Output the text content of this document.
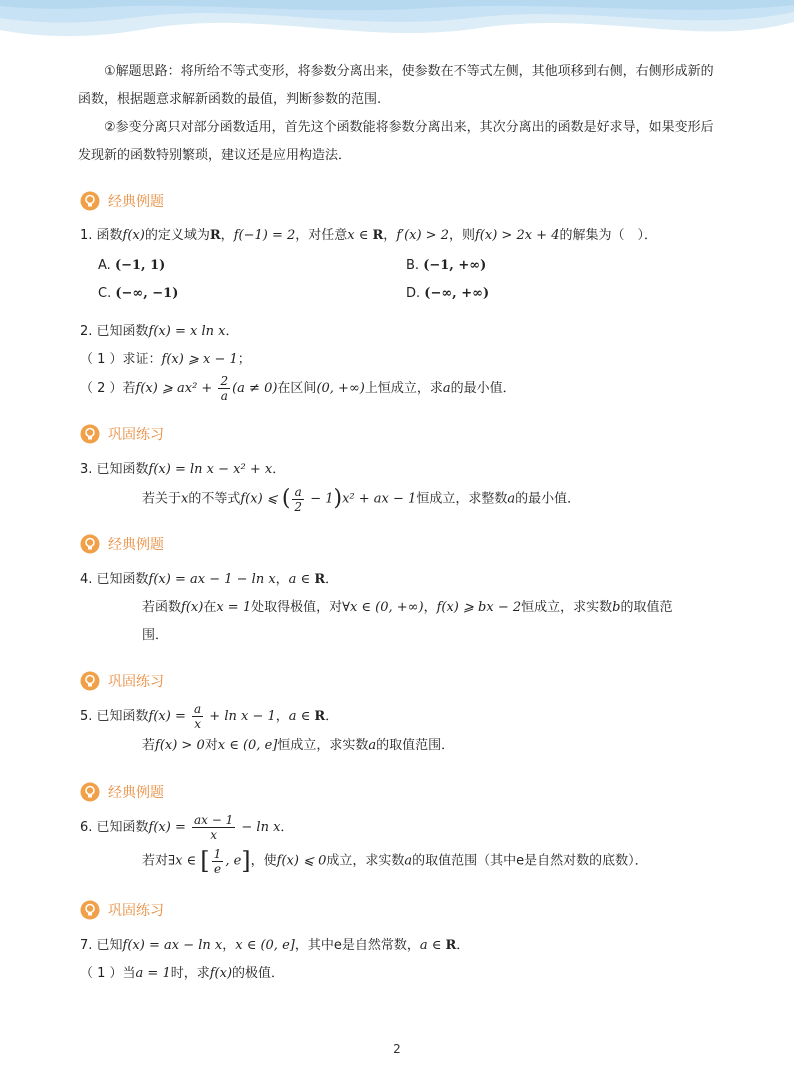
①解题思路：将所给不等式变形，将参数分离出来，使参数在不等式左侧，其他项移到右侧，右侧形成新的函数，根据题意求解新函数的最值，判断参数的范围.
②参变分离只对部分函数适用，首先这个函数能将参数分离出来，其次分离出的函数是好求导，如果变形后发现新的函数特别繁琐，建议还是应用构造法．
经典例题
1. 函数f(x)的定义域为R，f(−1) = 2，对任意x ∈ R，f′(x) > 2，则f(x) > 2x + 4的解集为（　）．
A. (−1, 1)	B. (−1, +∞)
C. (−∞, −1)	D. (−∞, +∞)
2. 已知函数f(x) = x ln x．
（ 1 ）求证：f(x) ⩾ x − 1；
（ 2 ）若f(x) ⩾ $ax^2 + \frac{2}{a} (a \ne 0)$在区间(0, +∞)上恒成立，求a的最小值．
巩固练习
3. 已知函数f(x) = ln x − x² + x．
若关于x的不等式f(x) ⩽ ( $\frac{a}{2} - 1)x^2$ + ax − 1恒成立，求整数a的最小值．
经典例题
4. 已知函数f(x) = ax − 1 − ln x，a ∈ R．
若函数f(x)在x = 1处取得极值，对∀x ∈ (0, +∞)，f(x) ⩾ bx − 2恒成立，求实数b的取值范
围．
巩固练习
5. 已知函数$f(x) = \frac{a}{x} + \ln x - 1$，a ∈ R．
若f(x) > 0对x ∈ (0, e]恒成立，求实数a的取值范围．
经典例题
6. 已知函数$f(x) = \frac{ax - 1}{x} - \ln x$．
若对∃x ∈ [ $\frac{1}{e}$ , e]，使f(x) ⩽ 0成立，求实数a的取值范围（其中e是自然对数的底数）．
巩固练习
7. 已知f(x) = ax − ln x，x ∈ (0, e]，其中e是自然常数，a ∈ R．
（ 1 ）当a = 1时，求f(x)的极值．
2
